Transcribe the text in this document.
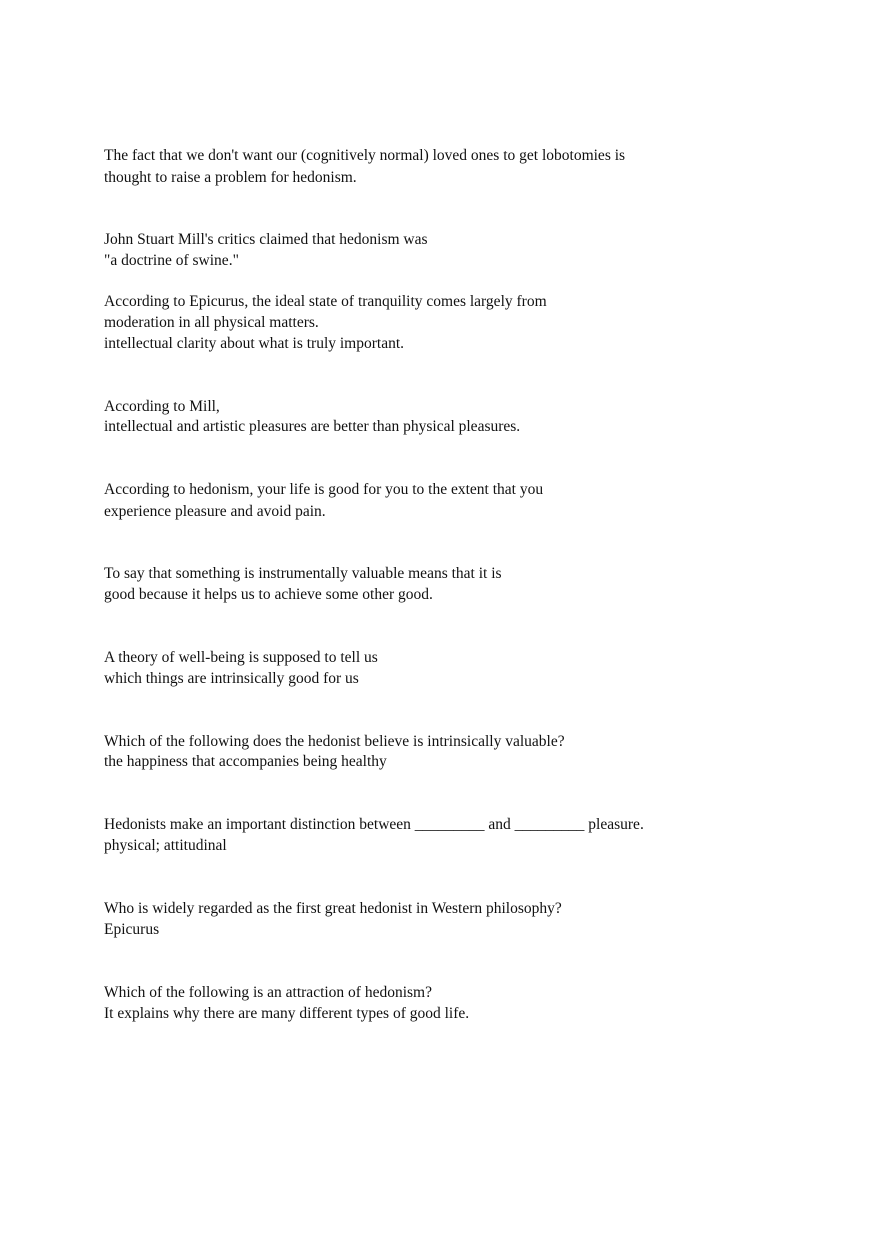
The fact that we don't want our (cognitively normal) loved ones to get lobotomies is
thought to raise a problem for hedonism.
John Stuart Mill's critics claimed that hedonism was
"a doctrine of swine."
According to Epicurus, the ideal state of tranquility comes largely from
moderation in all physical matters.
intellectual clarity about what is truly important.
According to Mill,
intellectual and artistic pleasures are better than physical pleasures.
According to hedonism, your life is good for you to the extent that you
experience pleasure and avoid pain.
To say that something is instrumentally valuable means that it is
good because it helps us to achieve some other good.
A theory of well-being is supposed to tell us
which things are intrinsically good for us
Which of the following does the hedonist believe is intrinsically valuable?
the happiness that accompanies being healthy
Hedonists make an important distinction between _________ and _________ pleasure.
physical; attitudinal
Who is widely regarded as the first great hedonist in Western philosophy?
Epicurus
Which of the following is an attraction of hedonism?
It explains why there are many different types of good life.
